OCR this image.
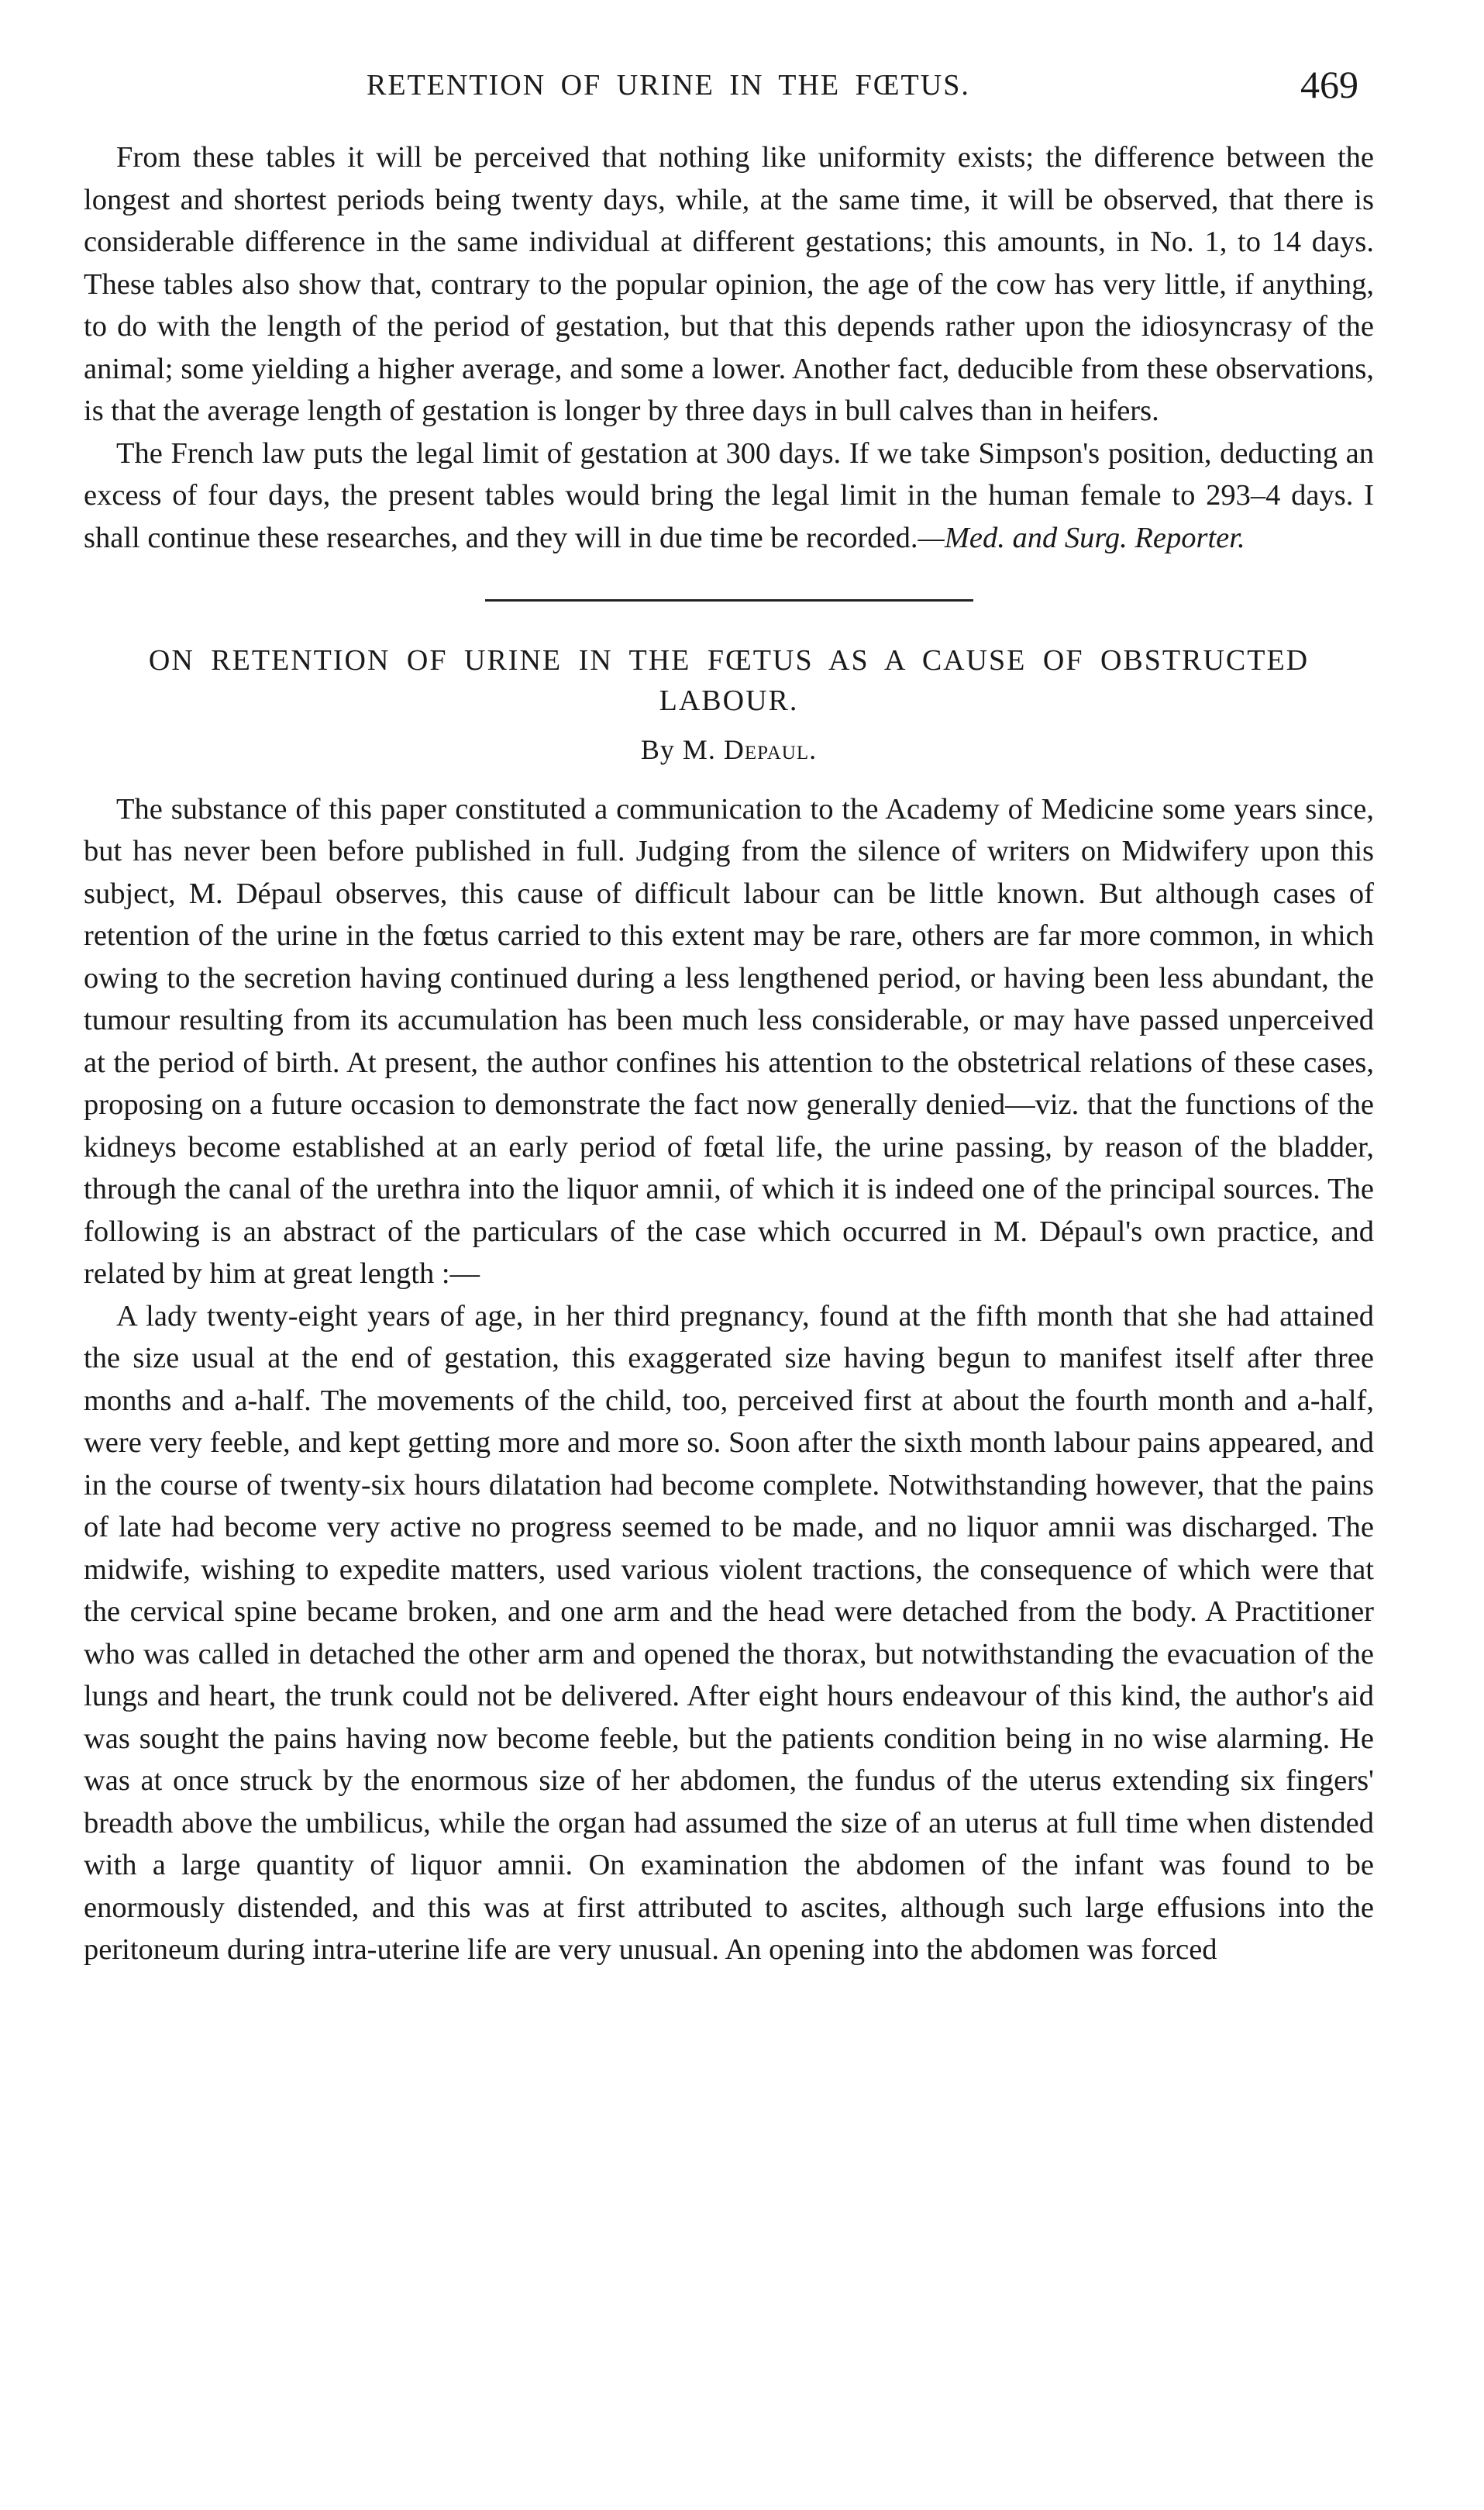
RETENTION OF URINE IN THE FŒTUS.	469

From these tables it will be perceived that nothing like uniformity exists; the difference between the longest and shortest periods being twenty days, while, at the same time, it will be observed, that there is considerable difference in the same individual at different gestations; this amounts, in No. 1, to 14 days. These tables also show that, contrary to the popular opinion, the age of the cow has very little, if anything, to do with the length of the period of gestation, but that this depends rather upon the idiosyncrasy of the animal; some yielding a higher average, and some a lower. Another fact, deducible from these observations, is that the average length of gestation is longer by three days in bull calves than in heifers.

The French law puts the legal limit of gestation at 300 days. If we take Simpson's position, deducting an excess of four days, the present tables would bring the legal limit in the human female to 293–4 days. I shall continue these researches, and they will in due time be recorded.—Med. and Surg. Reporter.

ON RETENTION OF URINE IN THE FŒTUS AS A CAUSE OF OBSTRUCTED LABOUR.

By M. Depaul.

The substance of this paper constituted a communication to the Academy of Medicine some years since, but has never been before published in full. Judging from the silence of writers on Midwifery upon this subject, M. Dépaul observes, this cause of difficult labour can be little known. But although cases of retention of the urine in the fœtus carried to this extent may be rare, others are far more common, in which owing to the secretion having continued during a less lengthened period, or having been less abundant, the tumour resulting from its accumulation has been much less considerable, or may have passed unperceived at the period of birth. At present, the author confines his attention to the obstetrical relations of these cases, proposing on a future occasion to demonstrate the fact now generally denied—viz. that the functions of the kidneys become established at an early period of fœtal life, the urine passing, by reason of the bladder, through the canal of the urethra into the liquor amnii, of which it is indeed one of the principal sources. The following is an abstract of the particulars of the case which occurred in M. Dépaul's own practice, and related by him at great length :—

A lady twenty-eight years of age, in her third pregnancy, found at the fifth month that she had attained the size usual at the end of gestation, this exaggerated size having begun to manifest itself after three months and a-half. The movements of the child, too, perceived first at about the fourth month and a-half, were very feeble, and kept getting more and more so. Soon after the sixth month labour pains appeared, and in the course of twenty-six hours dilatation had become complete. Notwithstanding however, that the pains of late had become very active no progress seemed to be made, and no liquor amnii was discharged. The midwife, wishing to expedite matters, used various violent tractions, the consequence of which were that the cervical spine became broken, and one arm and the head were detached from the body. A Practitioner who was called in detached the other arm and opened the thorax, but notwithstanding the evacuation of the lungs and heart, the trunk could not be delivered. After eight hours endeavour of this kind, the author's aid was sought the pains having now become feeble, but the patients condition being in no wise alarming. He was at once struck by the enormous size of her abdomen, the fundus of the uterus extending six fingers' breadth above the umbilicus, while the organ had assumed the size of an uterus at full time when distended with a large quantity of liquor amnii. On examination the abdomen of the infant was found to be enormously distended, and this was at first attributed to ascites, although such large effusions into the peritoneum during intra-uterine life are very unusual. An opening into the abdomen was forced
